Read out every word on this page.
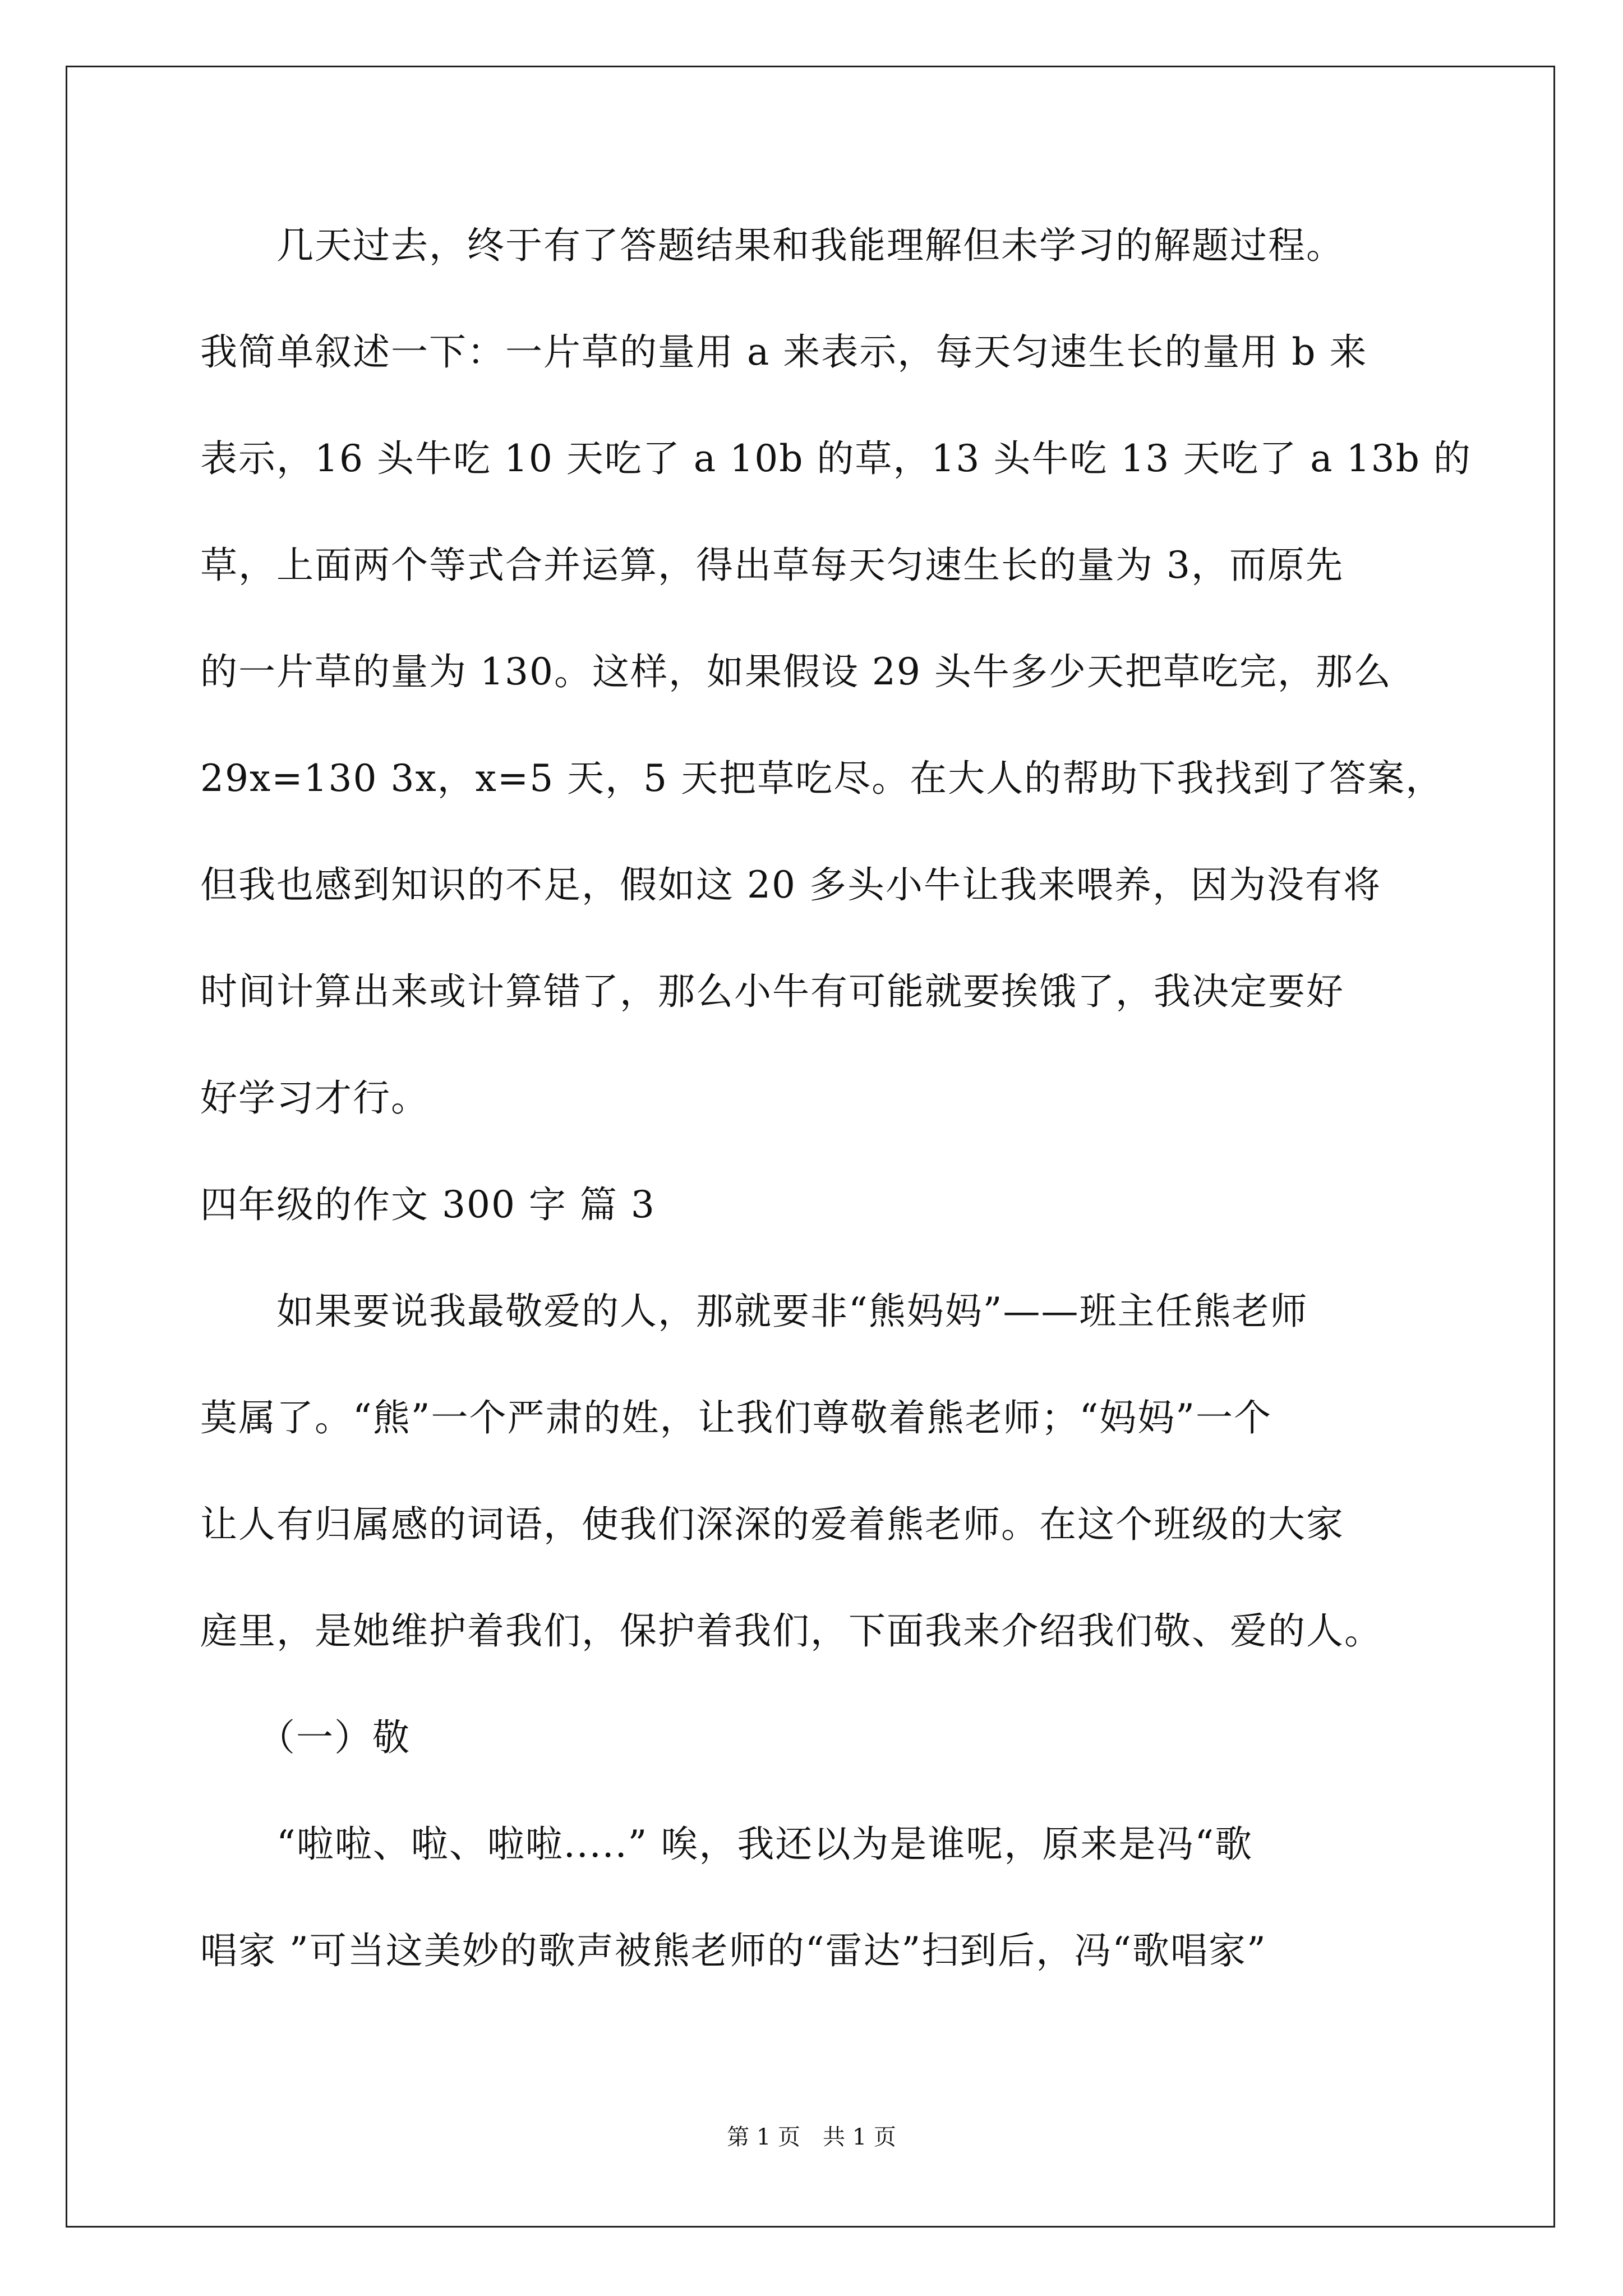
　　几天过去，终于有了答题结果和我能理解但未学习的解题过程。
我简单叙述一下：一片草的量用 a 来表示，每天匀速生长的量用 b 来
表示，16 头牛吃 10 天吃了 a 10b 的草，13 头牛吃 13 天吃了 a 13b 的
草，上面两个等式合并运算，得出草每天匀速生长的量为 3，而原先
的一片草的量为 130。这样，如果假设 29 头牛多少天把草吃完，那么
29x=130 3x，x=5 天，5 天把草吃尽。在大人的帮助下我找到了答案，
但我也感到知识的不足，假如这 20 多头小牛让我来喂养，因为没有将
时间计算出来或计算错了，那么小牛有可能就要挨饿了，我决定要好
好学习才行。
四年级的作文 300 字 篇 3
　　如果要说我最敬爱的人，那就要非“熊妈妈”——班主任熊老师
莫属了。“熊”一个严肃的姓，让我们尊敬着熊老师；“妈妈”一个
让人有归属感的词语，使我们深深的爱着熊老师。在这个班级的大家
庭里，是她维护着我们，保护着我们，下面我来介绍我们敬、爱的人。
　　（一）敬
　　“啦啦、啦、啦啦.....” 唉，我还以为是谁呢，原来是冯“歌
唱家 ”可当这美妙的歌声被熊老师的“雷达”扫到后，冯“歌唱家”
第 1 页 共 1 页
